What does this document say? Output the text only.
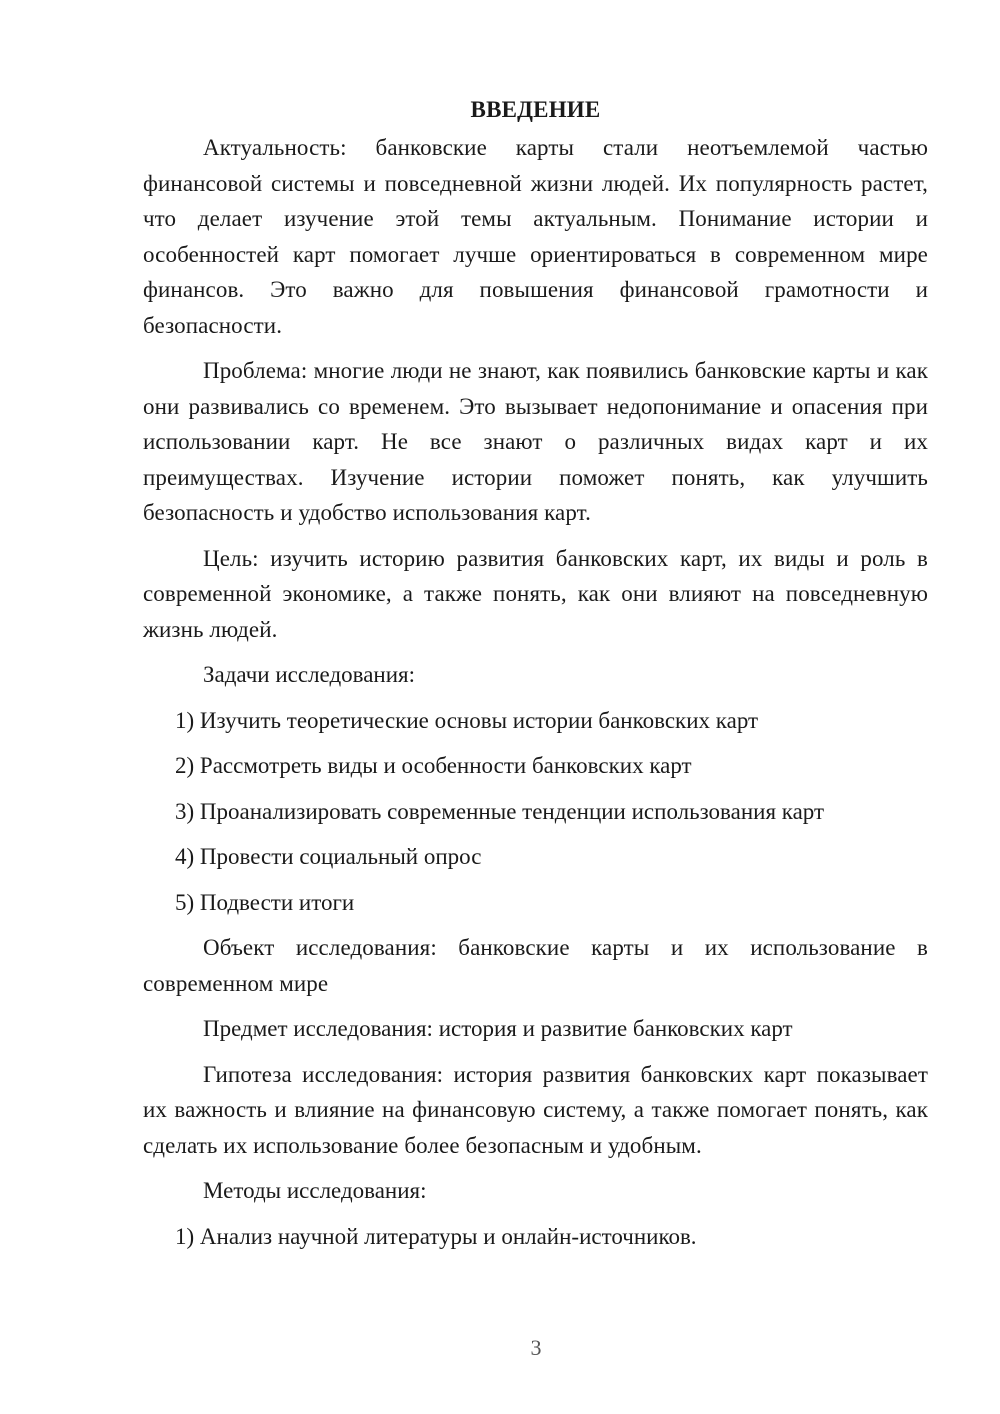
ВВЕДЕНИЕ

Актуальность: банковские карты стали неотъемлемой частью финансовой системы и повседневной жизни людей. Их популярность растет, что делает изучение этой темы актуальным. Понимание истории и особенностей карт помогает лучше ориентироваться в современном мире финансов. Это важно для повышения финансовой грамотности и безопасности.

Проблема: многие люди не знают, как появились банковские карты и как они развивались со временем. Это вызывает недопонимание и опасения при использовании карт. Не все знают о различных видах карт и их преимуществах. Изучение истории поможет понять, как улучшить безопасность и удобство использования карт.

Цель: изучить историю развития банковских карт, их виды и роль в современной экономике, а также понять, как они влияют на повседневную жизнь людей.

Задачи исследования:

1) Изучить теоретические основы истории банковских карт
2) Рассмотреть виды и особенности банковских карт
3) Проанализировать современные тенденции использования карт
4) Провести социальный опрос
5) Подвести итоги

Объект исследования: банковские карты и их использование в современном мире

Предмет исследования: история и развитие банковских карт

Гипотеза исследования: история развития банковских карт показывает их важность и влияние на финансовую систему, а также помогает понять, как сделать их использование более безопасным и удобным.

Методы исследования:

1) Анализ научной литературы и онлайн-источников.
3
